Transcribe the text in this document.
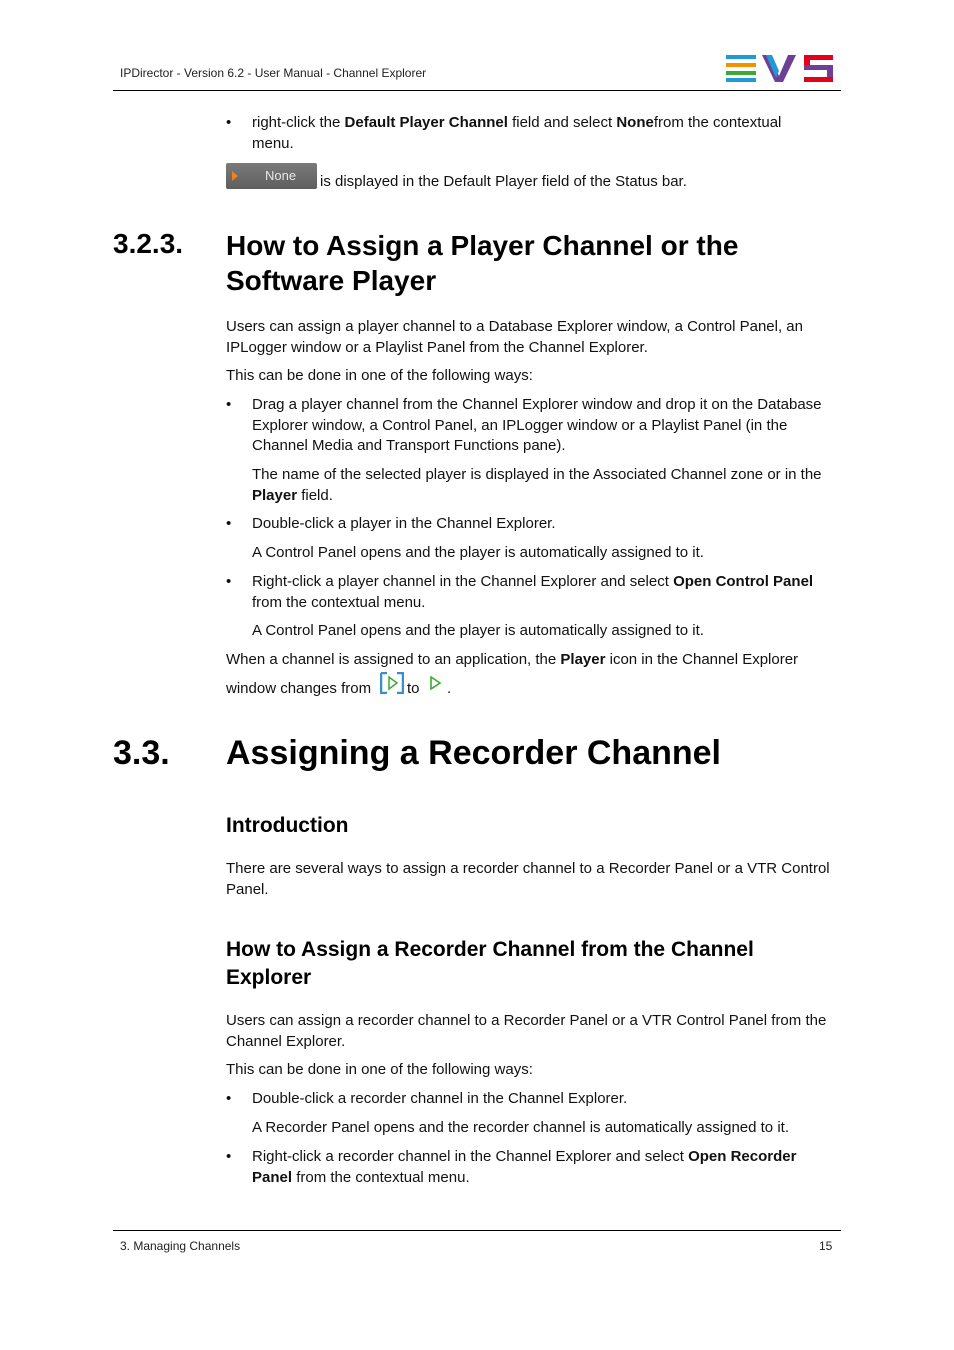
IPDirector - Version 6.2 - User Manual - Channel Explorer
• right-click the Default Player Channel field and select Nonefrom the contextual
menu.
None is displayed in the Default Player field of the Status bar.
3.2.3. How to Assign a Player Channel or the
Software Player
Users can assign a player channel to a Database Explorer window, a Control Panel, an
IPLogger window or a Playlist Panel from the Channel Explorer.
This can be done in one of the following ways:
• Drag a player channel from the Channel Explorer window and drop it on the Database
Explorer window, a Control Panel, an IPLogger window or a Playlist Panel (in the
Channel Media and Transport Functions pane).
The name of the selected player is displayed in the Associated Channel zone or in the
Player field.
• Double-click a player in the Channel Explorer.
A Control Panel opens and the player is automatically assigned to it.
• Right-click a player channel in the Channel Explorer and select Open Control Panel
from the contextual menu.
A Control Panel opens and the player is automatically assigned to it.
When a channel is assigned to an application, the Player icon in the Channel Explorer
window changes from to .
3.3. Assigning a Recorder Channel
Introduction
There are several ways to assign a recorder channel to a Recorder Panel or a VTR Control
Panel.
How to Assign a Recorder Channel from the Channel
Explorer
Users can assign a recorder channel to a Recorder Panel or a VTR Control Panel from the
Channel Explorer.
This can be done in one of the following ways:
• Double-click a recorder channel in the Channel Explorer.
A Recorder Panel opens and the recorder channel is automatically assigned to it.
• Right-click a recorder channel in the Channel Explorer and select Open Recorder
Panel from the contextual menu.
3. Managing Channels	15
